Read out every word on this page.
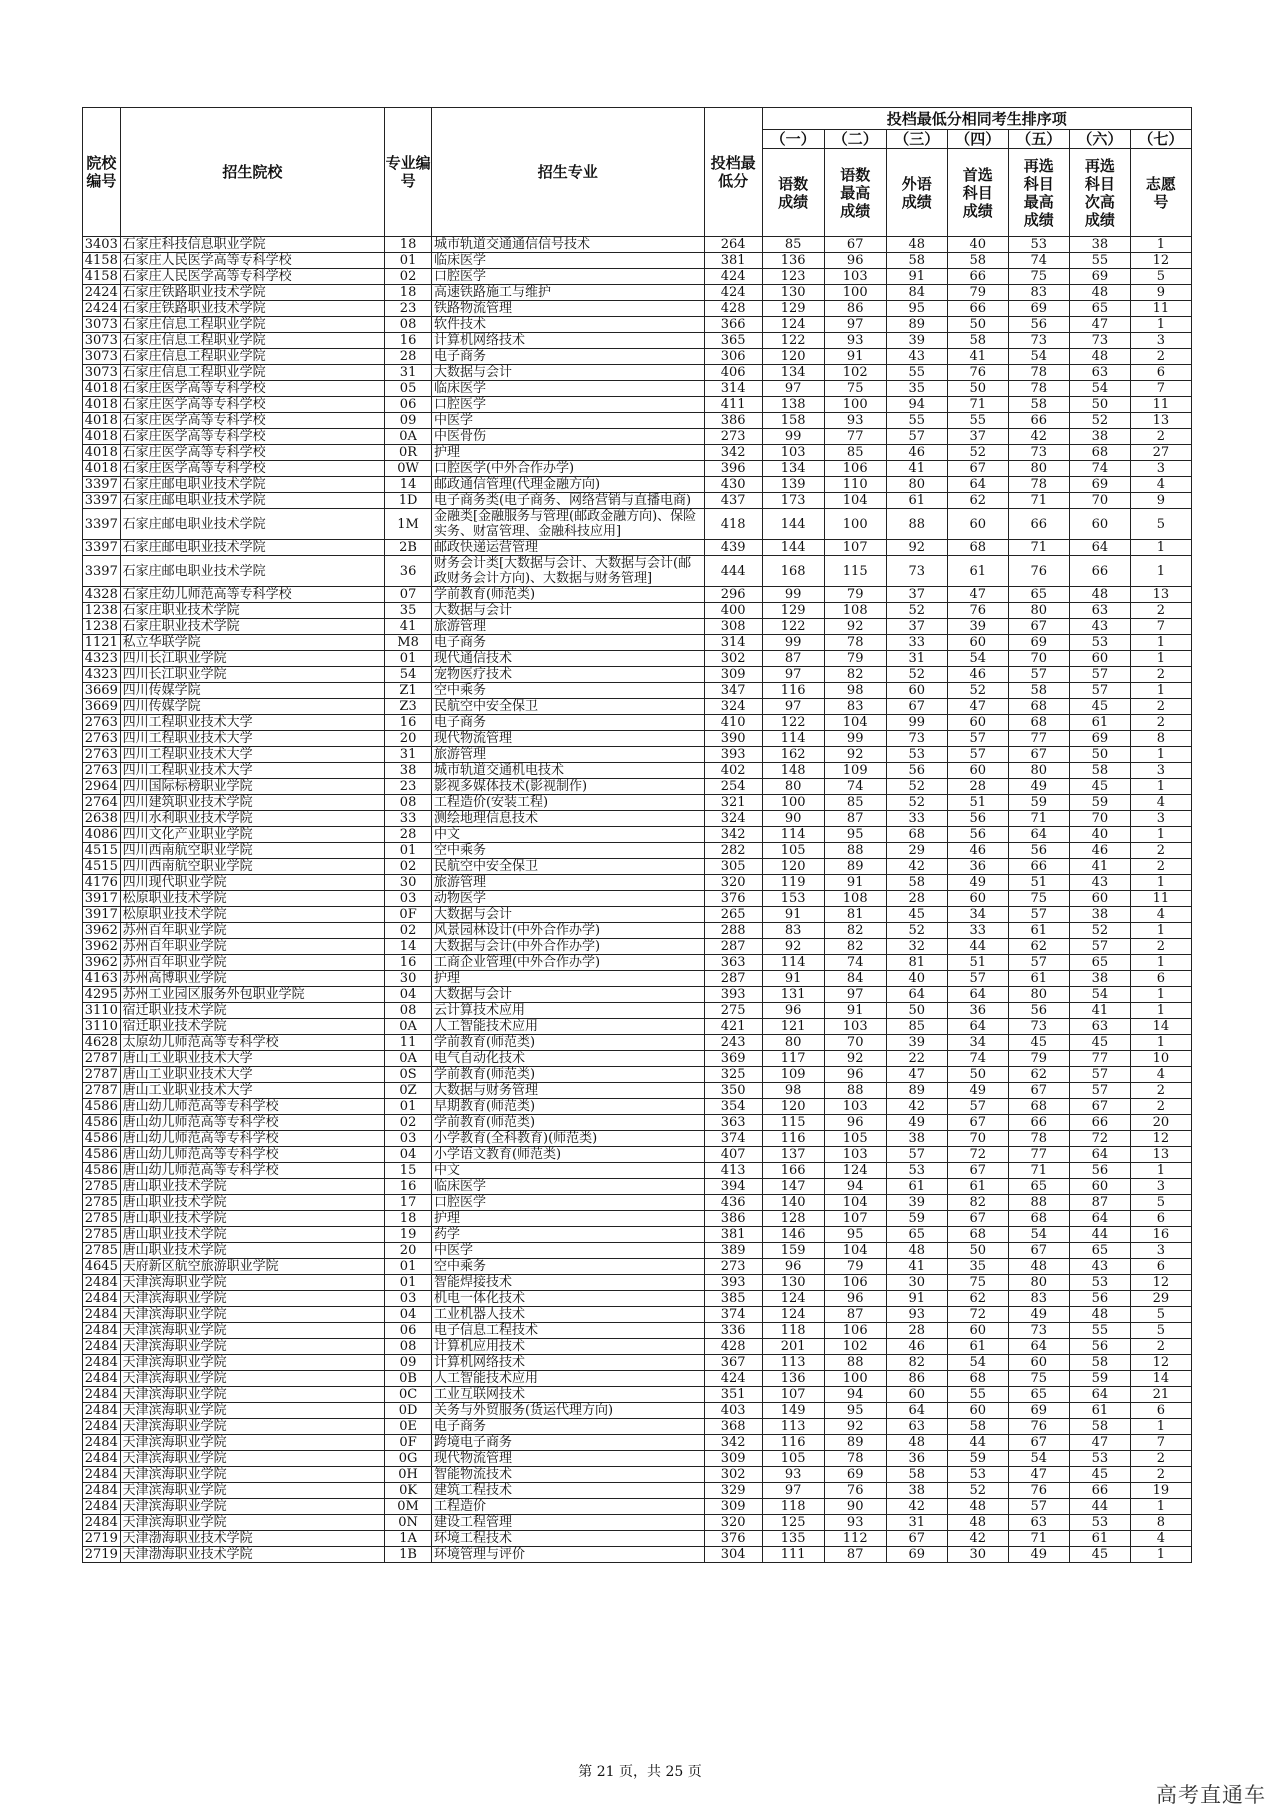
院校编号	招生院校	专业编号	招生专业	投档最低分	投档最低分相同考生排序项						
					（一）	（二）	（三）	（四）	（五）	（六）	（七）
					语数成绩	语数最高成绩	外语成绩	首选科目成绩	再选科目最高成绩	再选科目次高成绩	志愿号
3403	石家庄科技信息职业学院	18	城市轨道交通通信信号技术	264	85	67	48	40	53	38	1
4158	石家庄人民医学高等专科学校	01	临床医学	381	136	96	58	58	74	55	12
4158	石家庄人民医学高等专科学校	02	口腔医学	424	123	103	91	66	75	69	5
2424	石家庄铁路职业技术学院	18	高速铁路施工与维护	424	130	100	84	79	83	48	9
2424	石家庄铁路职业技术学院	23	铁路物流管理	428	129	86	95	66	69	65	11
3073	石家庄信息工程职业学院	08	软件技术	366	124	97	89	50	56	47	1
3073	石家庄信息工程职业学院	16	计算机网络技术	365	122	93	39	58	73	73	3
3073	石家庄信息工程职业学院	28	电子商务	306	120	91	43	41	54	48	2
3073	石家庄信息工程职业学院	31	大数据与会计	406	134	102	55	76	78	63	6
4018	石家庄医学高等专科学校	05	临床医学	314	97	75	35	50	78	54	7
4018	石家庄医学高等专科学校	06	口腔医学	411	138	100	94	71	58	50	11
4018	石家庄医学高等专科学校	09	中医学	386	158	93	55	55	66	52	13
4018	石家庄医学高等专科学校	0A	中医骨伤	273	99	77	57	37	42	38	2
4018	石家庄医学高等专科学校	0R	护理	342	103	85	46	52	73	68	27
4018	石家庄医学高等专科学校	0W	口腔医学(中外合作办学)	396	134	106	41	67	80	74	3
3397	石家庄邮电职业技术学院	14	邮政通信管理(代理金融方向)	430	139	110	80	64	78	69	4
3397	石家庄邮电职业技术学院	1D	电子商务类(电子商务、网络营销与直播电商)	437	173	104	61	62	71	70	9
3397	石家庄邮电职业技术学院	1M	金融类[金融服务与管理(邮政金融方向)、保险实务、财富管理、金融科技应用]	418	144	100	88	60	66	60	5
3397	石家庄邮电职业技术学院	2B	邮政快递运营管理	439	144	107	92	68	71	64	1
3397	石家庄邮电职业技术学院	36	财务会计类[大数据与会计、大数据与会计(邮政财务会计方向)、大数据与财务管理]	444	168	115	73	61	76	66	1
4328	石家庄幼儿师范高等专科学校	07	学前教育(师范类)	296	99	79	37	47	65	48	13
1238	石家庄职业技术学院	35	大数据与会计	400	129	108	52	76	80	63	2
1238	石家庄职业技术学院	41	旅游管理	308	122	92	37	39	67	43	7
1121	私立华联学院	M8	电子商务	314	99	78	33	60	69	53	1
4323	四川长江职业学院	01	现代通信技术	302	87	79	31	54	70	60	1
4323	四川长江职业学院	54	宠物医疗技术	309	97	82	52	46	57	57	2
3669	四川传媒学院	Z1	空中乘务	347	116	98	60	52	58	57	1
3669	四川传媒学院	Z3	民航空中安全保卫	324	97	83	67	47	68	45	2
2763	四川工程职业技术大学	16	电子商务	410	122	104	99	60	68	61	2
2763	四川工程职业技术大学	20	现代物流管理	390	114	99	73	57	77	69	8
2763	四川工程职业技术大学	31	旅游管理	393	162	92	53	57	67	50	1
2763	四川工程职业技术大学	38	城市轨道交通机电技术	402	148	109	56	60	80	58	3
2964	四川国际标榜职业学院	23	影视多媒体技术(影视制作)	254	80	74	52	28	49	45	1
2764	四川建筑职业技术学院	08	工程造价(安装工程)	321	100	85	52	51	59	59	4
2638	四川水利职业技术学院	33	测绘地理信息技术	324	90	87	33	56	71	70	3
4086	四川文化产业职业学院	28	中文	342	114	95	68	56	64	40	1
4515	四川西南航空职业学院	01	空中乘务	282	105	88	29	46	56	46	2
4515	四川西南航空职业学院	02	民航空中安全保卫	305	120	89	42	36	66	41	2
4176	四川现代职业学院	30	旅游管理	320	119	91	58	49	51	43	1
3917	松原职业技术学院	03	动物医学	376	153	108	28	60	75	60	11
3917	松原职业技术学院	0F	大数据与会计	265	91	81	45	34	57	38	4
3962	苏州百年职业学院	02	风景园林设计(中外合作办学)	288	83	82	52	33	61	52	1
3962	苏州百年职业学院	14	大数据与会计(中外合作办学)	287	92	82	32	44	62	57	2
3962	苏州百年职业学院	16	工商企业管理(中外合作办学)	363	114	74	81	51	57	65	1
4163	苏州高博职业学院	30	护理	287	91	84	40	57	61	38	6
4295	苏州工业园区服务外包职业学院	04	大数据与会计	393	131	97	64	64	80	54	1
3110	宿迁职业技术学院	08	云计算技术应用	275	96	91	50	36	56	41	1
3110	宿迁职业技术学院	0A	人工智能技术应用	421	121	103	85	64	73	63	14
4628	太原幼儿师范高等专科学校	11	学前教育(师范类)	243	80	70	39	34	45	45	1
2787	唐山工业职业技术大学	0A	电气自动化技术	369	117	92	22	74	79	77	10
2787	唐山工业职业技术大学	0S	学前教育(师范类)	325	109	96	47	50	62	57	4
2787	唐山工业职业技术大学	0Z	大数据与财务管理	350	98	88	89	49	67	57	2
4586	唐山幼儿师范高等专科学校	01	早期教育(师范类)	354	120	103	42	57	68	67	2
4586	唐山幼儿师范高等专科学校	02	学前教育(师范类)	363	115	96	49	67	66	66	20
4586	唐山幼儿师范高等专科学校	03	小学教育(全科教育)(师范类)	374	116	105	38	70	78	72	12
4586	唐山幼儿师范高等专科学校	04	小学语文教育(师范类)	407	137	103	57	72	77	64	13
4586	唐山幼儿师范高等专科学校	15	中文	413	166	124	53	67	71	56	1
2785	唐山职业技术学院	16	临床医学	394	147	94	61	61	65	60	3
2785	唐山职业技术学院	17	口腔医学	436	140	104	39	82	88	87	5
2785	唐山职业技术学院	18	护理	386	128	107	59	67	68	64	6
2785	唐山职业技术学院	19	药学	381	146	95	65	68	54	44	16
2785	唐山职业技术学院	20	中医学	389	159	104	48	50	67	65	3
4645	天府新区航空旅游职业学院	01	空中乘务	273	96	79	41	35	48	43	6
2484	天津滨海职业学院	01	智能焊接技术	393	130	106	30	75	80	53	12
2484	天津滨海职业学院	03	机电一体化技术	385	124	96	91	62	83	56	29
2484	天津滨海职业学院	04	工业机器人技术	374	124	87	93	72	49	48	5
2484	天津滨海职业学院	06	电子信息工程技术	336	118	106	28	60	73	55	5
2484	天津滨海职业学院	08	计算机应用技术	428	201	102	46	61	64	56	2
2484	天津滨海职业学院	09	计算机网络技术	367	113	88	82	54	60	58	12
2484	天津滨海职业学院	0B	人工智能技术应用	424	136	100	86	68	75	59	14
2484	天津滨海职业学院	0C	工业互联网技术	351	107	94	60	55	65	64	21
2484	天津滨海职业学院	0D	关务与外贸服务(货运代理方向)	403	149	95	64	60	69	61	6
2484	天津滨海职业学院	0E	电子商务	368	113	92	63	58	76	58	1
2484	天津滨海职业学院	0F	跨境电子商务	342	116	89	48	44	67	47	7
2484	天津滨海职业学院	0G	现代物流管理	309	105	78	36	59	54	53	2
2484	天津滨海职业学院	0H	智能物流技术	302	93	69	58	53	47	45	2
2484	天津滨海职业学院	0K	建筑工程技术	329	97	76	38	52	76	66	19
2484	天津滨海职业学院	0M	工程造价	309	118	90	42	48	57	44	1
2484	天津滨海职业学院	0N	建设工程管理	320	125	93	31	48	63	53	8
2719	天津渤海职业技术学院	1A	环境工程技术	376	135	112	67	42	71	61	4
2719	天津渤海职业技术学院	1B	环境管理与评价	304	111	87	69	30	49	45	1
第 21 页，共 25 页
高考直通车
